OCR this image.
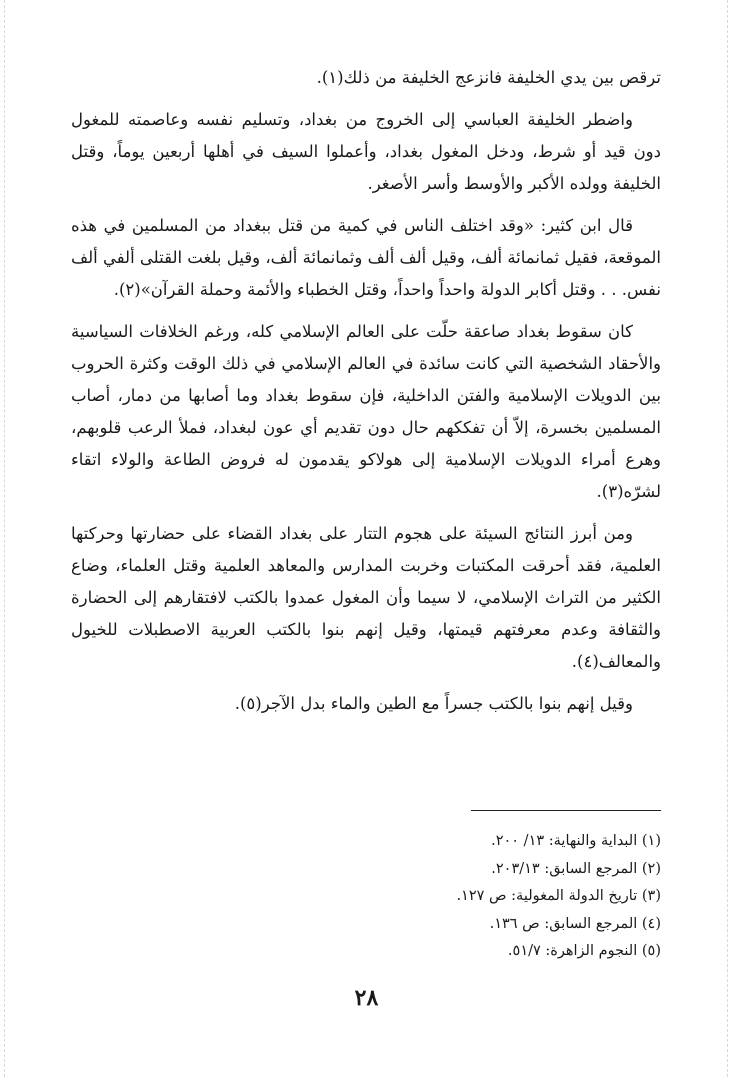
ترقص بين يدي الخليفة فانزعج الخليفة من ذلك(١).

واضطر الخليفة العباسي إلى الخروج من بغداد، وتسليم نفسه وعاصمته للمغول دون قيد أو شرط، ودخل المغول بغداد، وأعملوا السيف في أهلها أربعين يوماً، وقتل الخليفة وولده الأكبر والأوسط وأسر الأصغر.

قال ابن كثير: «وقد اختلف الناس في كمية من قتل ببغداد من المسلمين في هذه الموقعة، فقيل ثمانمائة ألف، وقيل ألف ألف وثمانمائة ألف، وقيل بلغت القتلى ألفي ألف نفس. . . وقتل أكابر الدولة واحداً واحداً، وقتل الخطباء والأئمة وحملة القرآن»(٢).

كان سقوط بغداد صاعقة حلّت على العالم الإسلامي كله، ورغم الخلافات السياسية والأحقاد الشخصية التي كانت سائدة في العالم الإسلامي في ذلك الوقت وكثرة الحروب بين الدويلات الإسلامية والفتن الداخلية، فإن سقوط بغداد وما أصابها من دمار، أصاب المسلمين بخسرة، إلاّ أن تفككهم حال دون تقديم أي عون لبغداد، فملأ الرعب قلوبهم، وهرع أمراء الدويلات الإسلامية إلى هولاكو يقدمون له فروض الطاعة والولاء اتقاء لشرّه(٣).

ومن أبرز النتائج السيئة على هجوم التتار على بغداد القضاء على حضارتها وحركتها العلمية، فقد أحرقت المكتبات وخربت المدارس والمعاهد العلمية وقتل العلماء، وضاع الكثير من التراث الإسلامي، لا سيما وأن المغول عمدوا بالكتب لافتقارهم إلى الحضارة والثقافة وعدم معرفتهم قيمتها، وقيل إنهم بنوا بالكتب العربية الاصطبلات للخيول والمعالف(٤).

وقيل إنهم بنوا بالكتب جسراً مع الطين والماء بدل الآجر(٥).

(١) البداية والنهاية: ١٣/ ٢٠٠.
(٢) المرجع السابق: ٢٠٣/١٣.
(٣) تاريخ الدولة المغولية: ص ١٢٧.
(٤) المرجع السابق: ص ١٣٦.
(٥) النجوم الزاهرة: ٥١/٧.
٢٨
